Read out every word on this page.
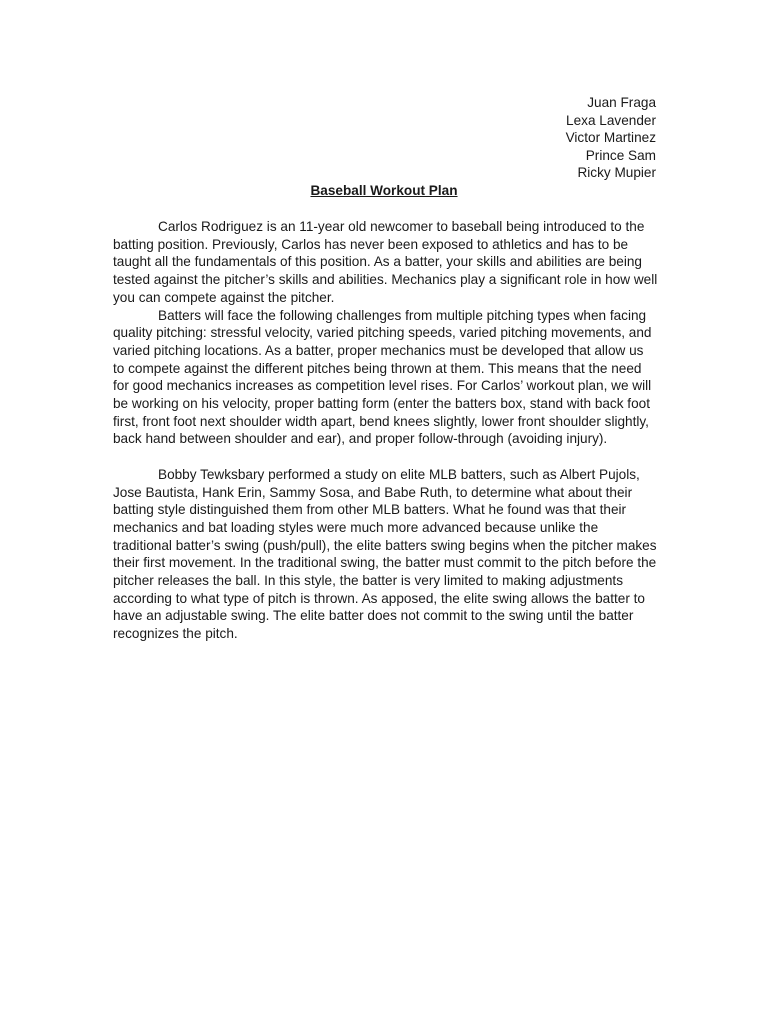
Juan Fraga
Lexa Lavender
Victor Martinez
Prince Sam
Ricky Mupier
Baseball Workout Plan

Carlos Rodriguez is an 11-year old newcomer to baseball being introduced to the batting position. Previously, Carlos has never been exposed to athletics and has to be taught all the fundamentals of this position. As a batter, your skills and abilities are being tested against the pitcher’s skills and abilities. Mechanics play a significant role in how well you can compete against the pitcher.

Batters will face the following challenges from multiple pitching types when facing quality pitching: stressful velocity, varied pitching speeds, varied pitching movements, and varied pitching locations. As a batter, proper mechanics must be developed that allow us to compete against the different pitches being thrown at them. This means that the need for good mechanics increases as competition level rises. For Carlos’ workout plan, we will be working on his velocity, proper batting form (enter the batters box, stand with back foot first, front foot next shoulder width apart, bend knees slightly, lower front shoulder slightly, back hand between shoulder and ear), and proper follow-through (avoiding injury).

Bobby Tewksbary performed a study on elite MLB batters, such as Albert Pujols, Jose Bautista, Hank Erin, Sammy Sosa, and Babe Ruth, to determine what about their batting style distinguished them from other MLB batters. What he found was that their mechanics and bat loading styles were much more advanced because unlike the traditional batter’s swing (push/pull), the elite batters swing begins when the pitcher makes their first movement. In the traditional swing, the batter must commit to the pitch before the pitcher releases the ball. In this style, the batter is very limited to making adjustments according to what type of pitch is thrown. As apposed, the elite swing allows the batter to have an adjustable swing. The elite batter does not commit to the swing until the batter recognizes the pitch.
